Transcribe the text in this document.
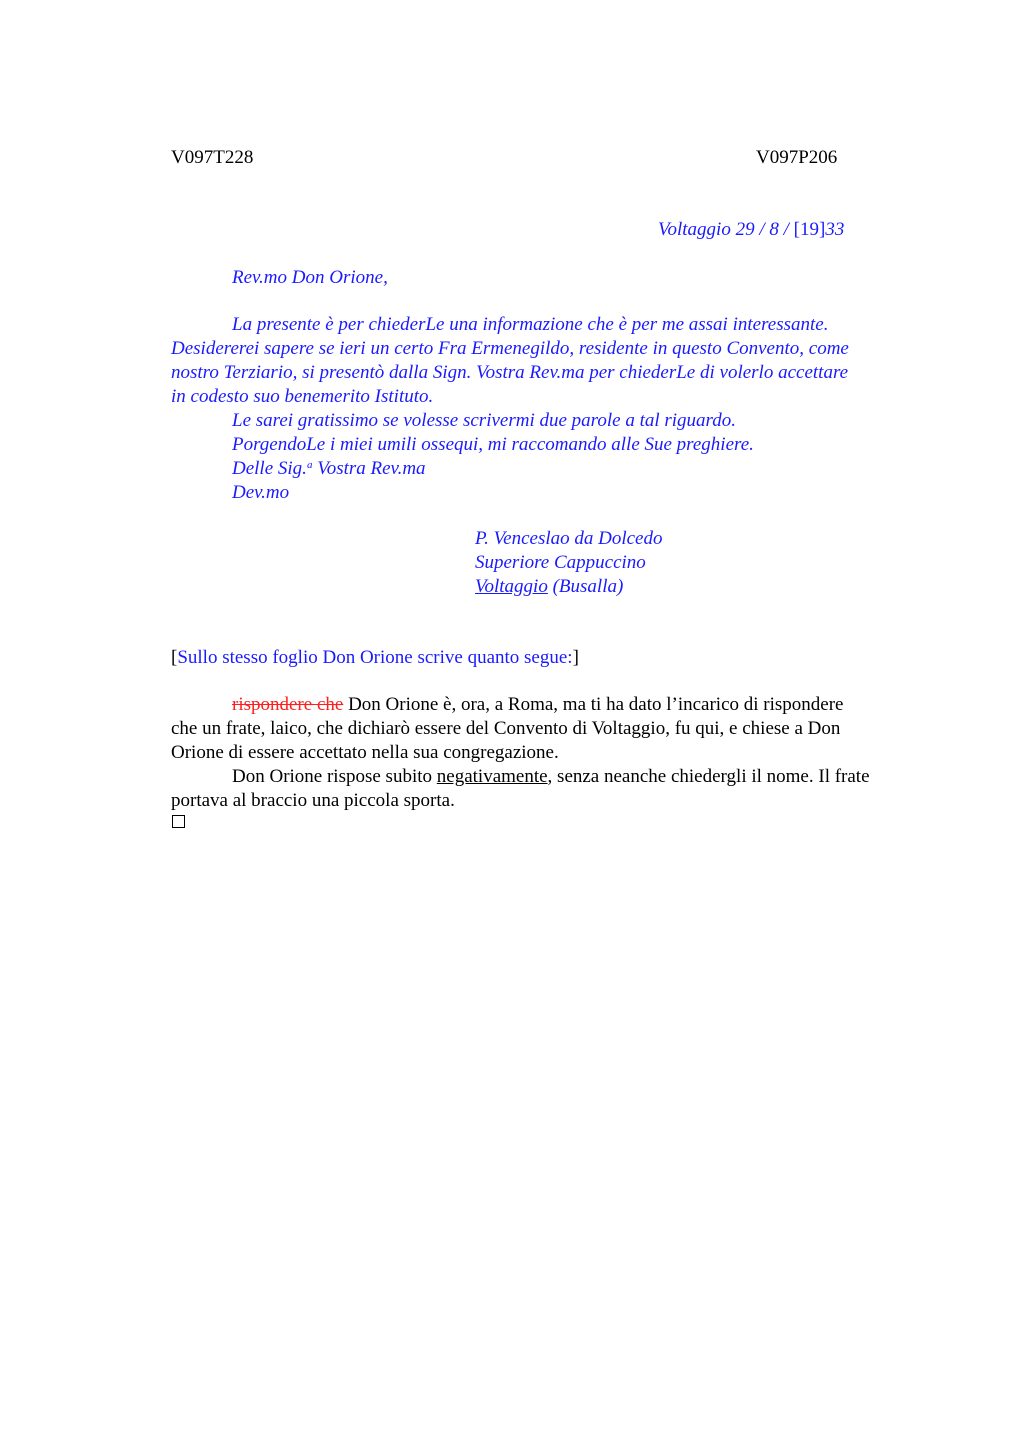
V097T228	V097P206
Voltaggio 29 / 8 / [19]33
Rev.mo Don Orione,
La presente è per chiederLe una informazione che è per me assai interessante.
Desidererei sapere se ieri un certo Fra Ermenegildo, residente in questo Convento, come
nostro Terziario, si presentò dalla Sign. Vostra Rev.ma per chiederLe di volerlo accettare
in codesto suo benemerito Istituto.
Le sarei gratissimo se volesse scrivermi due parole a tal riguardo.
PorgendoLe i miei umili ossequi, mi raccomando alle Sue preghiere.
Delle Sig.$^a$ Vostra Rev.ma
Dev.mo
P. Venceslao da Dolcedo
Superiore Cappuccino
Voltaggio (Busalla)
[Sullo stesso foglio Don Orione scrive quanto segue:]
rispondere che Don Orione è, ora, a Roma, ma ti ha dato l’incarico di rispondere
che un frate, laico, che dichiarò essere del Convento di Voltaggio, fu qui, e chiese a Don
Orione di essere accettato nella sua congregazione.
Don Orione rispose subito negativamente, senza neanche chiedergli il nome. Il frate
portava al braccio una piccola sporta.
